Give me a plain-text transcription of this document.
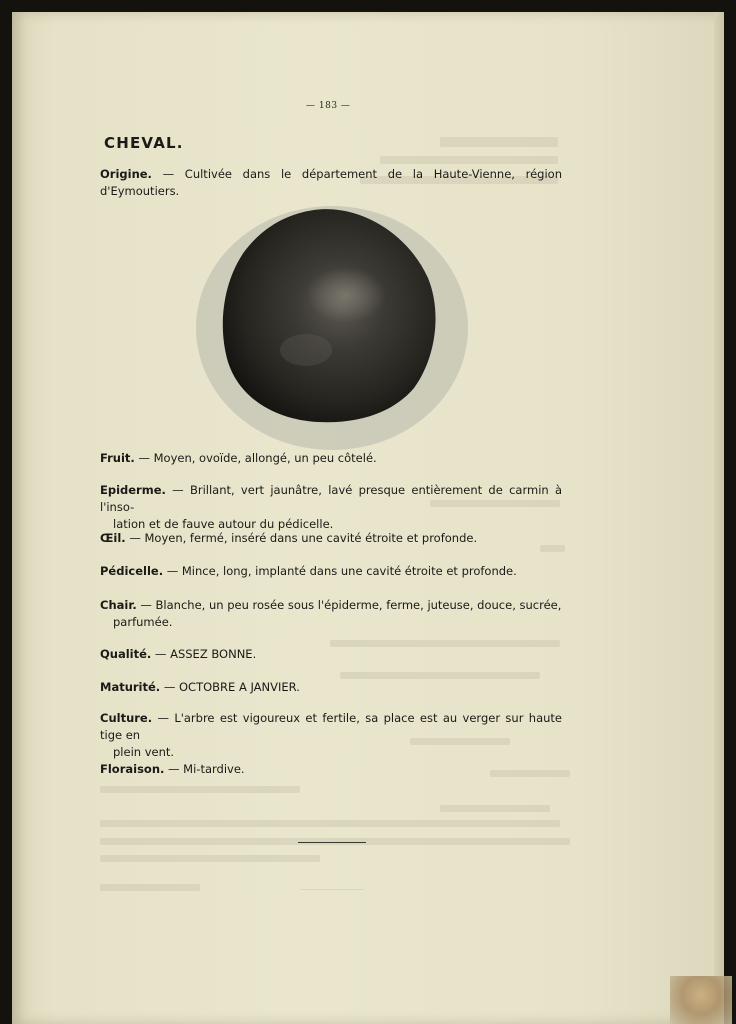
— 183 —
CHEVAL.
Origine. — Cultivée dans le département de la Haute-Vienne, région d'Eymoutiers.
Fruit. — Moyen, ovoïde, allongé, un peu côtelé.
Epiderme. — Brillant, vert jaunâtre, lavé presque entièrement de carmin à l'inso-
lation et de fauve autour du pédicelle.
Œil. — Moyen, fermé, inséré dans une cavité étroite et profonde.
Pédicelle. — Mince, long, implanté dans une cavité étroite et profonde.
Chair. — Blanche, un peu rosée sous l'épiderme, ferme, juteuse, douce, sucrée,
parfumée.
Qualité. — ASSEZ BONNE.
Maturité. — OCTOBRE A JANVIER.
Culture. — L'arbre est vigoureux et fertile, sa place est au verger sur haute tige en
plein vent.
Floraison. — Mi-tardive.
